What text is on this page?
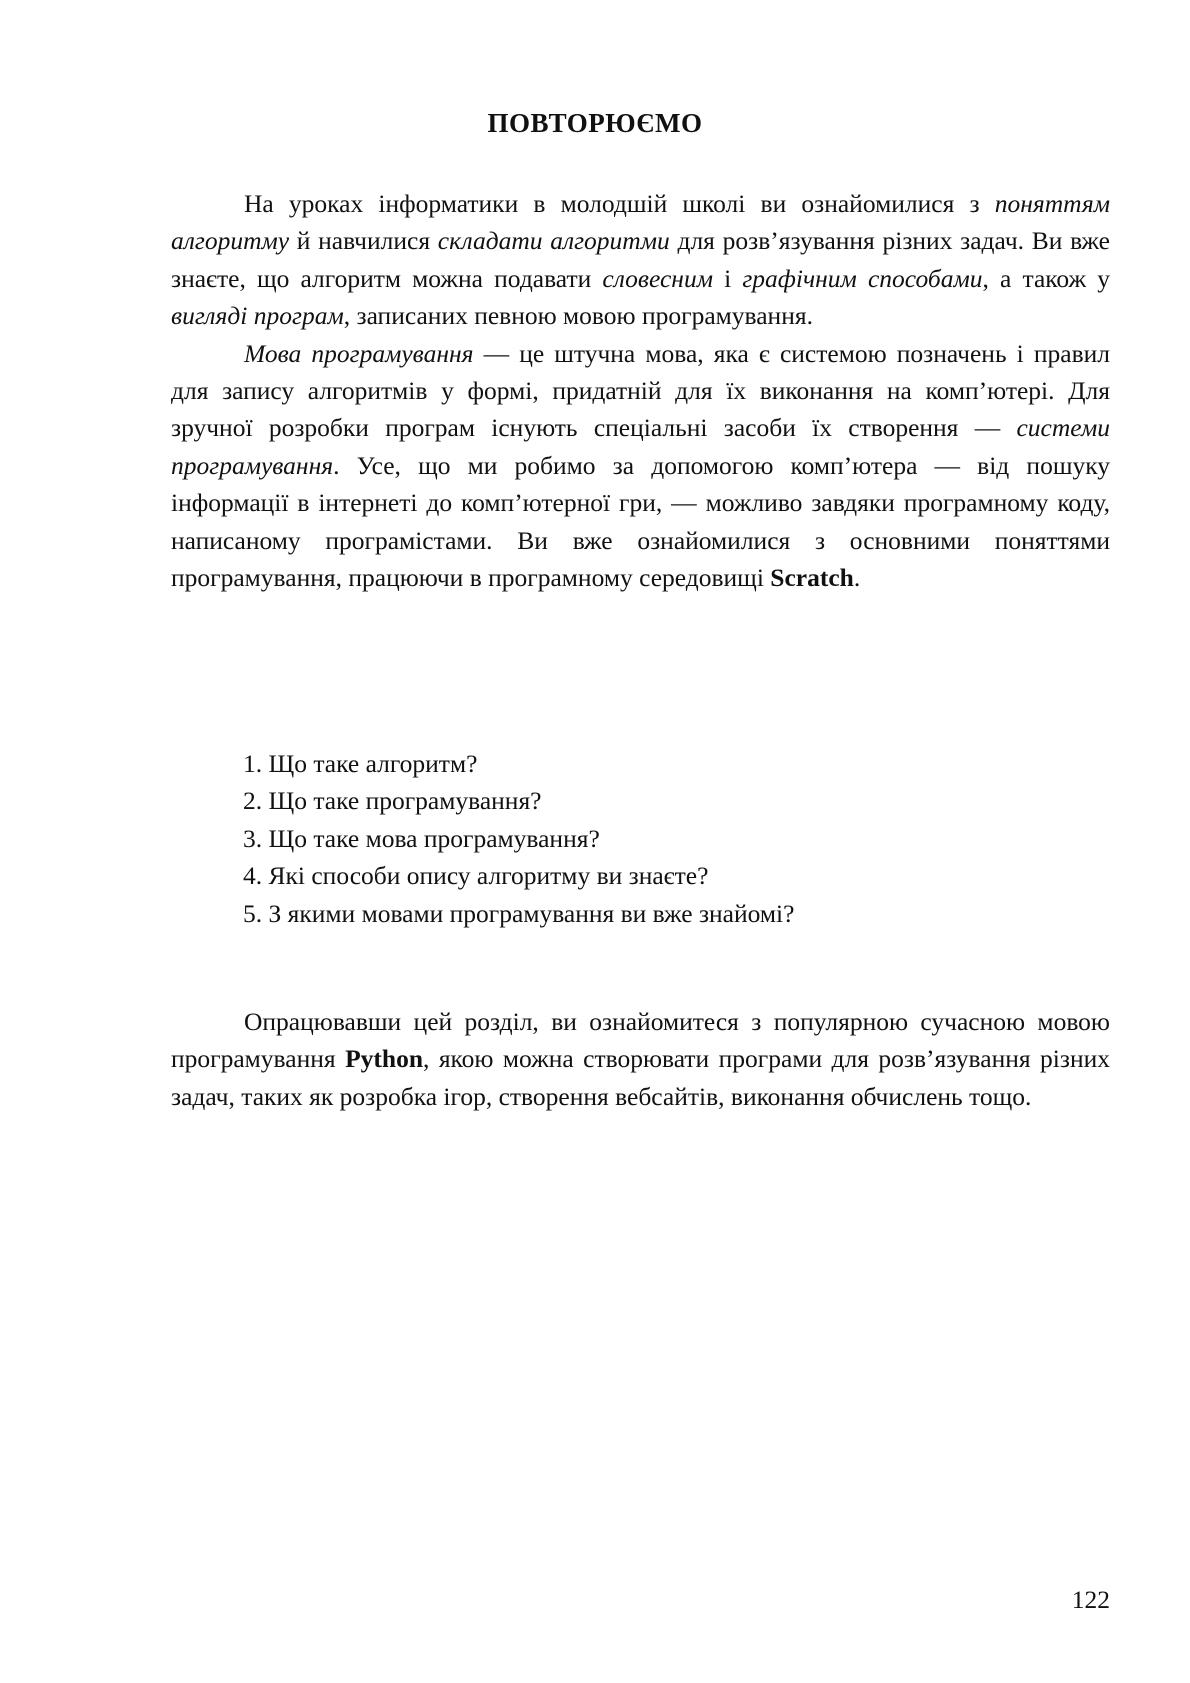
ПОВТОРЮЄМО

На уроках інформатики в молодшій школі ви ознайомилися з поняттям алгоритму й навчилися складати алгоритми для розв’язування різних задач. Ви вже знаєте, що алгоритм можна подавати словесним і графічним способами, а також у вигляді програм, записаних певною мовою програмування.

Мова програмування — це штучна мова, яка є системою позначень і правил для запису алгоритмів у формі, придатній для їх виконання на комп’ютері. Для зручної розробки програм існують спеціальні засоби їх створення — системи програмування. Усе, що ми робимо за допомогою комп’ютера — від пошуку інформації в інтернеті до комп’ютерної гри, — можливо завдяки програмному коду, написаному програмістами. Ви вже ознайомилися з основними поняттями програмування, працюючи в програмному середовищі Scratch.

1. Що таке алгоритм?
2. Що таке програмування?
3. Що таке мова програмування?
4. Які способи опису алгоритму ви знаєте?
5. З якими мовами програмування ви вже знайомі?

Опрацювавши цей розділ, ви ознайомитеся з популярною сучасною мовою програмування Python, якою можна створювати програми для розв’язування різних задач, таких як розробка ігор, створення вебсайтів, виконання обчислень тощо.

122
